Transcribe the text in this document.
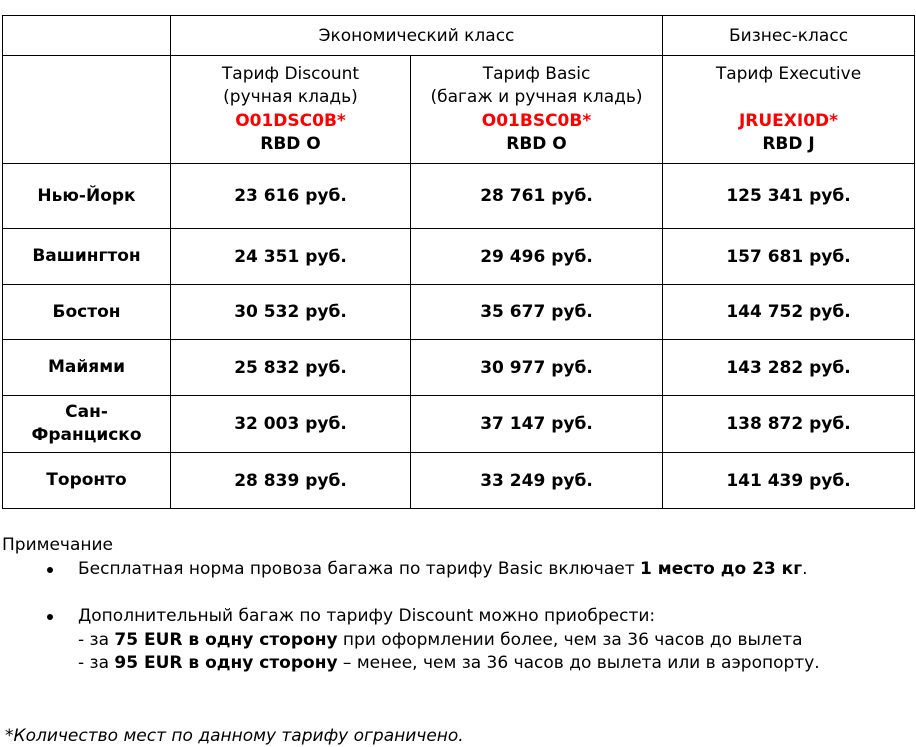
	Экономический класс		Бизнес-класс

	Тариф Discount
(ручная кладь)
O01DSC0B*
RBD O	Тариф Basic
(багаж и ручная кладь)
O01BSC0B*
RBD O	Тариф Executive
JRUEXI0D*
RBD J

Нью-Йорк	23 616 руб.	28 761 руб.	125 341 руб.
Вашингтон	24 351 руб.	29 496 руб.	157 681 руб.
Бостон	30 532 руб.	35 677 руб.	144 752 руб.
Майями	25 832 руб.	30 977 руб.	143 282 руб.
Сан-Франциско	32 003 руб.	37 147 руб.	138 872 руб.
Торонто	28 839 руб.	33 249 руб.	141 439 руб.
Примечание
Бесплатная норма провоза багажа по тарифу Basic включает 1 место до 23 кг.
Дополнительный багаж по тарифу Discount можно приобрести:
- за 75 EUR в одну сторону при оформлении более, чем за 36 часов до вылета
- за 95 EUR в одну сторону – менее, чем за 36 часов до вылета или в аэропорту.
*Количество мест по данному тарифу ограничено.
